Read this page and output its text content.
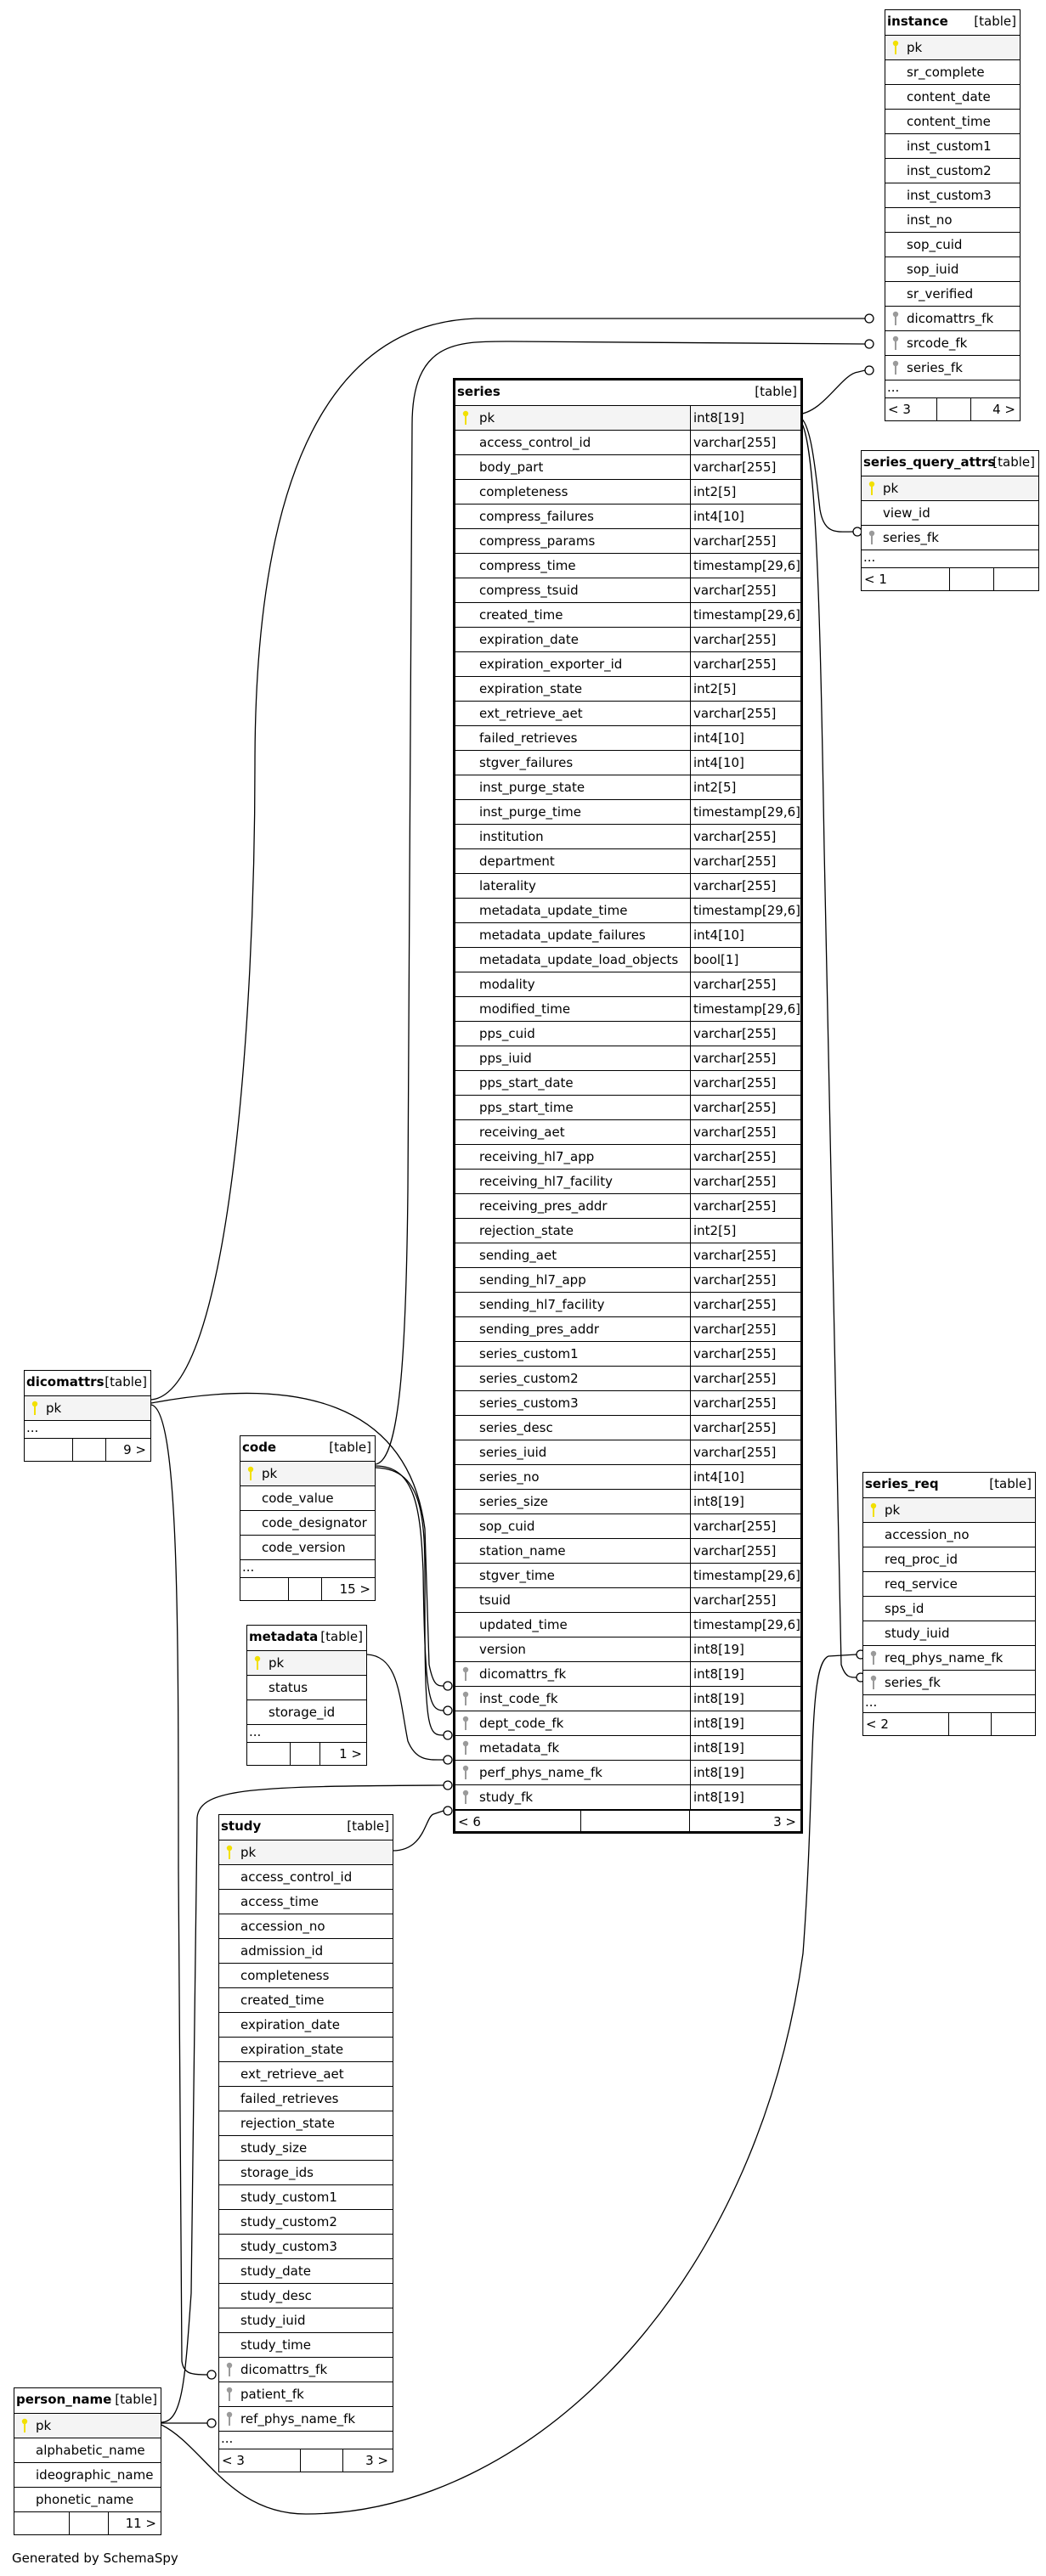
instance [table]
pk
sr_complete
content_date
content_time
inst_custom1
inst_custom2
inst_custom3
inst_no
sop_cuid
sop_iuid
sr_verified
dicomattrs_fk
srcode_fk
series_fk
...
< 3	4 >
series_query_attrs
[table]
pk
view_id
series_fk
...
< 1
series	[table]
pk	int8[19]
access_control_id	varchar[255]
body_part	varchar[255]
completeness	int2[5]
compress_failures	int4[10]
compress_params	varchar[255]
compress_time	timestamp[29,6]
compress_tsuid	varchar[255]
created_time	timestamp[29,6]
expiration_date	varchar[255]
expiration_exporter_id	varchar[255]
expiration_state	int2[5]
ext_retrieve_aet	varchar[255]
failed_retrieves	int4[10]
stgver_failures	int4[10]
inst_purge_state	int2[5]
inst_purge_time	timestamp[29,6]
institution	varchar[255]
department	varchar[255]
laterality	varchar[255]
metadata_update_time	timestamp[29,6]
metadata_update_failures	int4[10]
metadata_update_load_objects bool[1]
modality	varchar[255]
modified_time	timestamp[29,6]
pps_cuid	varchar[255]
pps_iuid	varchar[255]
pps_start_date	varchar[255]
pps_start_time	varchar[255]
receiving_aet	varchar[255]
receiving_hl7_app	varchar[255]
receiving_hl7_facility	varchar[255]
receiving_pres_addr	varchar[255]
rejection_state	int2[5]
sending_aet	varchar[255]
sending_hl7_app	varchar[255]
sending_hl7_facility	varchar[255]
sending_pres_addr	varchar[255]
series_custom1	varchar[255]
series_custom2	varchar[255]
series_custom3	varchar[255]
series_desc	varchar[255]
series_iuid	varchar[255]
series_no	int4[10]
series_size	int8[19]
sop_cuid	varchar[255]
station_name	varchar[255]
stgver_time	timestamp[29,6]
tsuid	varchar[255]
updated_time	timestamp[29,6]
version	int8[19]
dicomattrs_fk	int8[19]
inst_code_fk	int8[19]
dept_code_fk	int8[19]
metadata_fk	int8[19]
perf_phys_name_fk	int8[19]
study_fk	int8[19]
< 6	3 >
dicomattrs [table]
pk
...
9 >	code	[table]
pk
code_value
code_designator
code_version
...
15 >
metadata [table]
pk
status
storage_id
...
1 >
series_req	[table]
pk
accession_no
req_proc_id
req_service
sps_id
study_iuid
req_phys_name_fk
series_fk
...
< 2
study	[table]
pk
access_control_id
access_time
accession_no
admission_id
completeness
created_time
expiration_date
expiration_state
ext_retrieve_aet
failed_retrieves
rejection_state
study_size
storage_ids
study_custom1
study_custom2
study_custom3
study_date
study_desc
study_iuid
study_time
dicomattrs_fk
patient_fk
ref_phys_name_fk
...
< 3	3 >
person_name [table]
pk
alphabetic_name
ideographic_name
phonetic_name
11 >
Generated by SchemaSpy
